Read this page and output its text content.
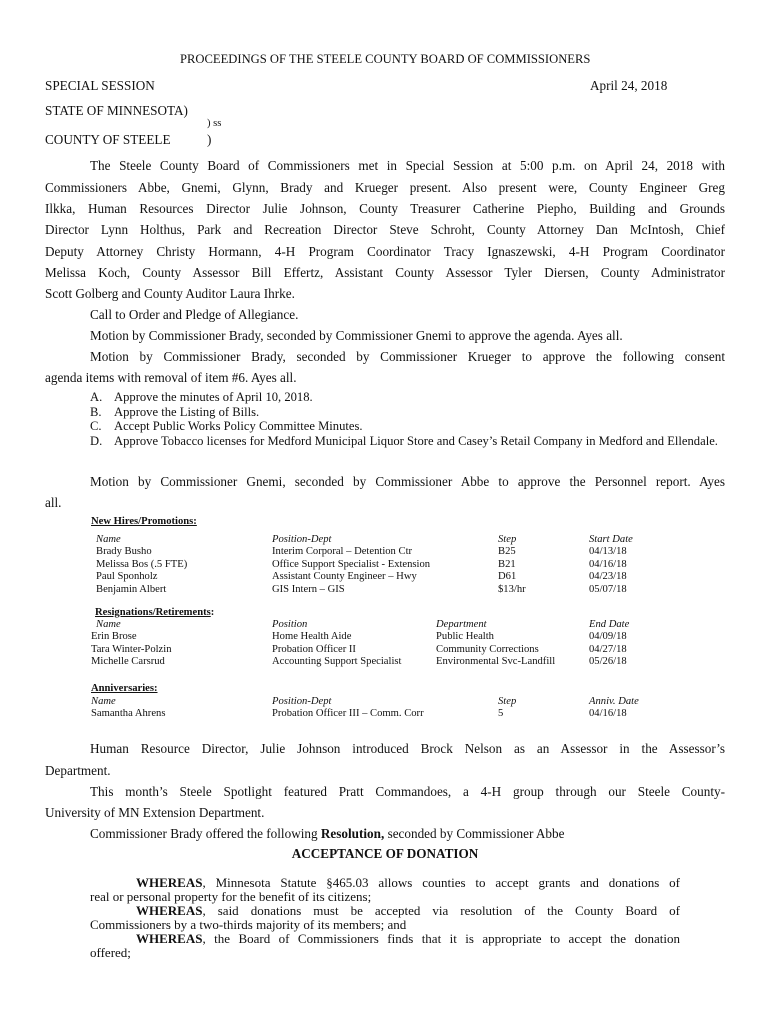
PROCEEDINGS OF THE STEELE COUNTY BOARD OF COMMISSIONERS
SPECIAL SESSION	April 24, 2018
STATE OF MINNESOTA)
) ss
COUNTY OF STEELE	)
The Steele County Board of Commissioners met in Special Session at 5:00 p.m. on April 24, 2018 with
Commissioners Abbe, Gnemi, Glynn, Brady and Krueger present. Also present were, County Engineer Greg
Ilkka, Human Resources Director Julie Johnson, County Treasurer Catherine Piepho, Building and Grounds
Director Lynn Holthus, Park and Recreation Director Steve Schroht, County Attorney Dan McIntosh, Chief
Deputy Attorney Christy Hormann, 4-H Program Coordinator Tracy Ignaszewski, 4-H Program Coordinator
Melissa Koch, County Assessor Bill Effertz, Assistant County Assessor Tyler Diersen, County Administrator
Scott Golberg and County Auditor Laura Ihrke.
Call to Order and Pledge of Allegiance.
Motion by Commissioner Brady, seconded by Commissioner Gnemi to approve the agenda. Ayes all.
Motion by Commissioner Brady, seconded by Commissioner Krueger to approve the following consent
agenda items with removal of item #6. Ayes all.
A. Approve the minutes of April 10, 2018.
B. Approve the Listing of Bills.
C. Accept Public Works Policy Committee Minutes.
D. Approve Tobacco licenses for Medford Municipal Liquor Store and Casey’s Retail Company in Medford and Ellendale.
Motion by Commissioner Gnemi, seconded by Commissioner Abbe to approve the Personnel report. Ayes
all.
New Hires/Promotions:
Name	Position-Dept	Step	Start Date
Brady Busho	Interim Corporal – Detention Ctr	B25	04/13/18
Melissa Bos (.5 FTE)	Office Support Specialist - Extension	B21	04/16/18
Paul Sponholz	Assistant County Engineer – Hwy	D61	04/23/18
Benjamin Albert	GIS Intern – GIS	$13/hr	05/07/18
Resignations/Retirements:
Name	Position	Department	End Date
Erin Brose	Home Health Aide	Public Health	04/09/18
Tara Winter-Polzin	Probation Officer II	Community Corrections	04/27/18
Michelle Carsrud	Accounting Support Specialist	Environmental Svc-Landfill	05/26/18
Anniversaries:
Name	Position-Dept	Step	Anniv. Date
Samantha Ahrens	Probation Officer III – Comm. Corr	5	04/16/18
Human Resource Director, Julie Johnson introduced Brock Nelson as an Assessor in the Assessor’s
Department.
This month’s Steele Spotlight featured Pratt Commandoes, a 4-H group through our Steele County-
University of MN Extension Department.
Commissioner Brady offered the following Resolution, seconded by Commissioner Abbe
ACCEPTANCE OF DONATION
WHEREAS, Minnesota Statute §465.03 allows counties to accept grants and donations of
real or personal property for the benefit of its citizens;
WHEREAS, said donations must be accepted via resolution of the County Board of
Commissioners by a two-thirds majority of its members; and
WHEREAS, the Board of Commissioners finds that it is appropriate to accept the donation
offered;
